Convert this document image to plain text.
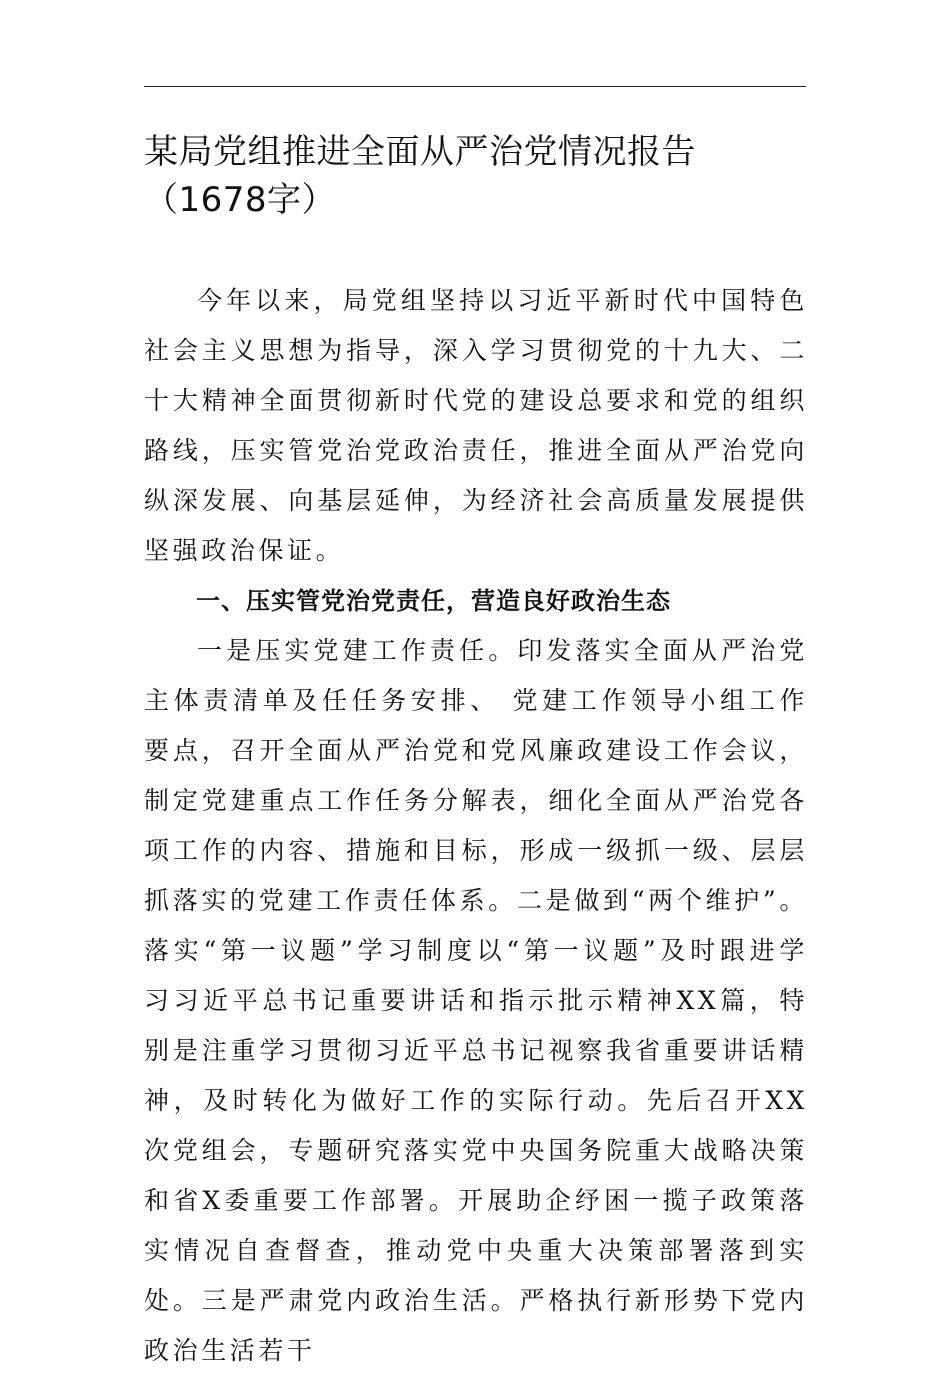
某局党组推进全面从严治党情况报告（1678字）

今年以来，局党组坚持以习近平新时代中国特色社会主义思想为指导，深入学习贯彻党的十九大、二十大精神全面贯彻新时代党的建设总要求和党的组织路线，压实管党治党政治责任，推进全面从严治党向纵深发展、向基层延伸，为经济社会高质量发展提供坚强政治保证。

一、压实管党治党责任，营造良好政治生态

一是压实党建工作责任。印发落实全面从严治党主体责清单及任任务安排、 党建工作领导小组工作要点，召开全面从严治党和党风廉政建设工作会议，制定党建重点工作任务分解表，细化全面从严治党各项工作的内容、措施和目标，形成一级抓一级、层层抓落实的党建工作责任体系。二是做到“两个维护”。落实“第一议题”学习制度以“第一议题”及时跟进学习习近平总书记重要讲话和指示批示精神XX篇，特别是注重学习贯彻习近平总书记视察我省重要讲话精神，及时转化为做好工作的实际行动。先后召开XX次党组会，专题研究落实党中央国务院重大战略决策和省X委重要工作部署。开展助企纾困一揽子政策落实情况自查督查，推动党中央重大决策部署落到实处。三是严肃党内政治生活。严格执行新形势下党内政治生活若干
